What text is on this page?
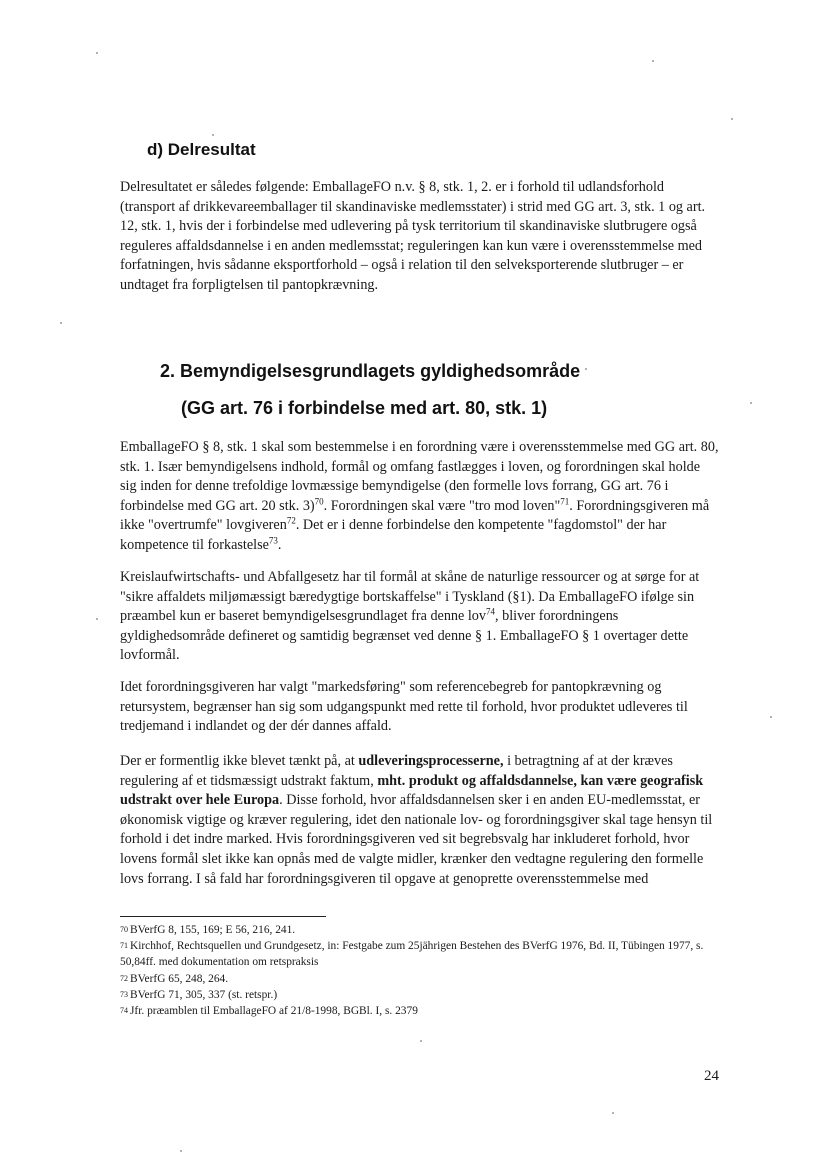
d) Delresultat

Delresultatet er således følgende: EmballageFO n.v. § 8, stk. 1, 2. er i forhold til udlandsforhold (transport af drikkevareemballager til skandinaviske medlemsstater) i strid med GG art. 3, stk. 1 og art. 12, stk. 1, hvis der i forbindelse med udlevering på tysk territorium til skandinaviske slutbrugere også reguleres affaldsdannelse i en anden medlemsstat; reguleringen kan kun være i overensstemmelse med forfatningen, hvis sådanne eksportforhold – også i relation til den selveksporterende slutbruger – er undtaget fra forpligtelsen til pantopkrævning.

2. Bemyndigelsesgrundlagets gyldighedsområde
(GG art. 76 i forbindelse med art. 80, stk. 1)

EmballageFO § 8, stk. 1 skal som bestemmelse i en forordning være i overensstemmelse med GG art. 80, stk. 1. Især bemyndigelsens indhold, formål og omfang fastlægges i loven, og forordningen skal holde sig inden for denne trefoldige lovmæssige bemyndigelse (den formelle lovs forrang, GG art. 76 i forbindelse med GG art. 20 stk. 3)$^{70}$. Forordningen skal være "tro mod loven"$^{71}$. Forordningsgiveren må ikke "overtrumfe" lovgiveren$^{72}$. Det er i denne forbindelse den kompetente "fagdomstol" der har kompetence til forkastelse$^{73}$.

Kreislaufwirtschafts- und Abfallgesetz har til formål at skåne de naturlige ressourcer og at sørge for at "sikre affaldets miljømæssigt bæredygtige bortskaffelse" i Tyskland (§1). Da EmballageFO ifølge sin præambel kun er baseret bemyndigelsesgrundlaget fra denne lov$^{74}$, bliver forordningens gyldighedsområde defineret og samtidig begrænset ved denne § 1. EmballageFO § 1 overtager dette lovformål.

Idet forordningsgiveren har valgt "markedsføring" som referencebegreb for pantopkrævning og retursystem, begrænser han sig som udgangspunkt med rette til forhold, hvor produktet udleveres til tredjemand i indlandet og der dér dannes affald.

Der er formentlig ikke blevet tænkt på, at udleveringsprocesserne, i betragtning af at der kræves regulering af et tidsmæssigt udstrakt faktum, mht. produkt og affaldsdannelse, kan være geografisk udstrakt over hele Europa. Disse forhold, hvor affaldsdannelsen sker i en anden EU-medlemsstat, er økonomisk vigtige og kræver regulering, idet den nationale lov- og forordningsgiver skal tage hensyn til forhold i det indre marked. Hvis forordningsgiveren ved sit begrebsvalg har inkluderet forhold, hvor lovens formål slet ikke kan opnås med de valgte midler, krænker den vedtagne regulering den formelle lovs forrang. I så fald har forordningsgiveren til opgave at genoprette overensstemmelse med

$^{70}$ BVerfG 8, 155, 169; E 56, 216, 241.
$^{71}$ Kirchhof, Rechtsquellen und Grundgesetz, in: Festgabe zum 25jährigen Bestehen des BVerfG 1976, Bd. II, Tübingen 1977, s. 50,84ff. med dokumentation om retspraksis
$^{72}$ BVerfG 65, 248, 264.
$^{73}$ BVerfG 71, 305, 337 (st. retspr.)
$^{74}$ Jfr. præamblen til EmballageFO af 21/8-1998, BGBl. I, s. 2379
24
